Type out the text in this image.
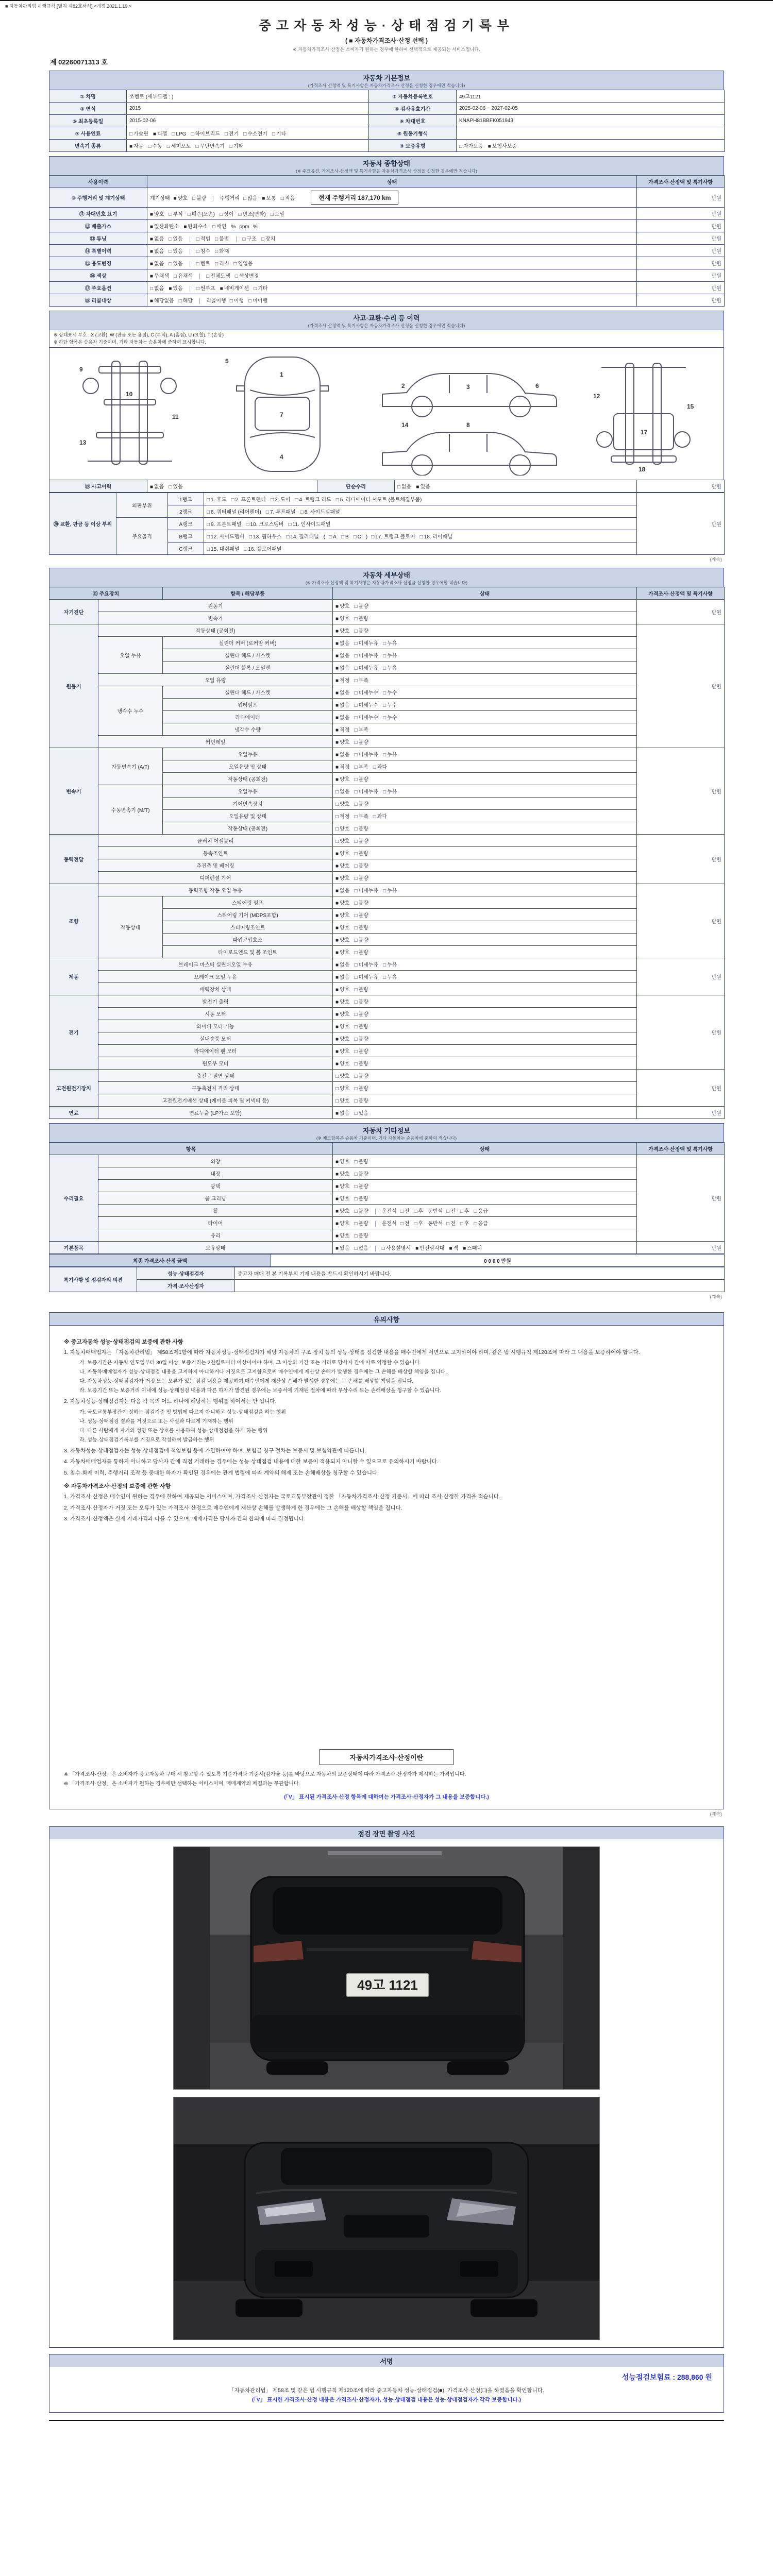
■ 자동차관리법 시행규칙 [별지 제82호서식] <개정 2021.1.19.>
중고자동차성능·상태점검기록부
( ■ 자동차가격조사·산정 선택 )
※ 자동차가격조사·산정은 소비자가 원하는 경우에 한하여 선택적으로 제공되는 서비스입니다.
제 02260071313 호
자동차 기본정보
(가격조사·산정액 및 특기사항은 자동차가격조사·산정을 신청한 경우에만 적습니다)
① 차명	쏘렌토 (세부모델 : )	② 자동차등록번호	49고1121
③ 연식	2015	④ 검사유효기간	2025-02-06 ~ 2027-02-05
⑤ 최초등록일	2015-02-06	⑥ 차대번호	KNAPH81BBFK051943
⑦ 사용연료	□ 가솔린 ■ 디젤 □ LPG □ 하이브리드 □ 전기 □ 수소전기 □ 기타	⑧ 원동기형식	
변속기 종류	■ 자동 □ 수동 □ 세미오토 □ 무단변속기 □ 기타	⑨ 보증유형	□ 자가보증 ■ 보험사보증
자동차 종합상태
(※ 주요옵션, 가격조사·산정액 및 특기사항은 자동차가격조사·산정을 신청한 경우에만 적습니다)
사용이력	상태	가격조사·산정액 및 특기사항
⑩ 주행거리 및 계기상태	계기상태 ■ 양호 □ 불량 주행거리 □ 많음 ■ 보통 □ 적음 현재 주행거리 187,170 km	만원
⑪ 차대번호 표기	■ 양호 □ 부식 □ 훼손(오손) □ 상이 □ 변조(변타) □ 도말	만원
⑫ 배출가스	■ 일산화탄소 ■ 탄화수소 □ 매연%ppm%	만원
⑬ 튜닝	■ 없음 □ 있음 □ 적법 □ 불법 □ 구조 □ 장치	만원
⑭ 특별이력	■ 없음 □ 있음 □ 침수 □ 화재	만원
⑮ 용도변경	■ 없음 □ 있음 □ 렌트 □ 리스 □ 영업용	만원
⑯ 색상	■ 무채색 □ 유채색 □ 전체도색 □ 색상변경	만원
⑰ 주요옵션	□ 없음 ■ 있음 □ 썬루프 ■ 네비게이션 □ 기타	만원
⑱ 리콜대상	■ 해당없음 □ 해당 리콜이행 □ 이행 □ 미이행	만원
사고·교환·수리 등 이력
(가격조사·산정액 및 특기사항은 자동차가격조사·산정을 신청한 경우에만 적습니다)
※ 상태표시 부호 : X (교환), W (판금 또는 용접), C (부식), A (흠집), U (요철), T (손상)
※ 하단 항목은 승용차 기준이며, 기타 자동차는 승용차에 준하여 표시합니다.
9
10
11
13
1
7
4
5
2	3	6
8
14
12
17
18
15
⑲ 사고이력	■ 없음 □ 있음	단순수리	□ 없음 ■ 있음	만원
⑳ 교환, 판금 등 이상 부위	외판부위	1랭크	□ 1. 후드 □ 2. 프론트펜더 □ 3. 도어 □ 4. 트렁크 리드 □ 5. 라디에이터 서포트 (볼트체결부품)	만원
		2랭크	□ 6. 쿼터패널 (리어펜더) □ 7. 루프패널 □ 8. 사이드실패널	
	주요골격	A랭크	□ 9. 프론트패널 □ 10. 크로스멤버 □ 11. 인사이드패널	
		B랭크	□ 12. 사이드멤버 □ 13. 휠하우스 □ 14. 필러패널 ( □ A □ B □ C ) □ 17. 트렁크 플로어 □ 18. 리어패널	
		C랭크	□ 15. 대쉬패널 □ 16. 플로어패널	
(계속)
자동차 세부상태
(※ 가격조사·산정액 및 특기사항은 자동차가격조사·산정을 신청한 경우에만 적습니다)
㉑ 주요장치		항목 / 해당부품	상태	가격조사·산정액 및 특기사항
자기진단	원동기		■ 양호 □ 불량	만원
	변속기		■ 양호 □ 불량	
원동기	작동상태 (공회전)		■ 양호 □ 불량	만원
	오일 누유	실린더 커버 (로커암 커버)	■ 없음 □ 미세누유 □ 누유	
		실린더 헤드 / 가스켓	■ 없음 □ 미세누유 □ 누유	
		실린더 블록 / 오일팬	■ 없음 □ 미세누유 □ 누유	
	오일 유량		■ 적정 □ 부족	
	냉각수 누수	실린더 헤드 / 가스켓	■ 없음 □ 미세누수 □ 누수	
		워터펌프	■ 없음 □ 미세누수 □ 누수	
		라디에이터	■ 없음 □ 미세누수 □ 누수	
		냉각수 수량	■ 적정 □ 부족	
	커먼레일		■ 양호 □ 불량	
변속기	자동변속기 (A/T)	오일누유	■ 없음 □ 미세누유 □ 누유	만원
		오일유량 및 상태	■ 적정 □ 부족 □ 과다	
		작동상태 (공회전)	■ 양호 □ 불량	
	수동변속기 (M/T)	오일누유	□ 없음 □ 미세누유 □ 누유	
		기어변속장치	□ 양호 □ 불량	
		오일유량 및 상태	□ 적정 □ 부족 □ 과다	
		작동상태 (공회전)	□ 양호 □ 불량	
동력전달	클러치 어셈블리		□ 양호 □ 불량	만원
	등속조인트		■ 양호 □ 불량	
	추진축 및 베어링		■ 양호 □ 불량	
	디퍼렌셜 기어		■ 양호 □ 불량	
조향	동력조향 작동 오일 누유		■ 없음 □ 미세누유 □ 누유	만원
	작동상태	스티어링 펌프	■ 양호 □ 불량	
		스티어링 기어 (MDPS포함)	■ 양호 □ 불량	
		스티어링조인트	■ 양호 □ 불량	
		파워고압호스	■ 양호 □ 불량	
		타이로드엔드 및 볼 조인트	■ 양호 □ 불량	
제동	브레이크 마스터 실린더오일 누유		■ 없음 □ 미세누유 □ 누유	만원
	브레이크 오일 누유		■ 없음 □ 미세누유 □ 누유	
	배력장치 상태		■ 양호 □ 불량	
전기	발전기 출력		■ 양호 □ 불량	만원
	시동 모터		■ 양호 □ 불량	
	와이퍼 모터 기능		■ 양호 □ 불량	
	실내송풍 모터		■ 양호 □ 불량	
	라디에이터 팬 모터		■ 양호 □ 불량	
	윈도우 모터		■ 양호 □ 불량	
고전원전기장치	충전구 절연 상태		□ 양호 □ 불량	만원
	구동축전지 격리 상태		□ 양호 □ 불량	
	고전원전기배선 상태 (케이블 피복 및 커넥터 등)		□ 양호 □ 불량	
연료	연료누출 (LP가스 포함)		■ 없음 □ 있음	만원
자동차 기타정보
(※ 체크항목은 승용차 기준이며, 기타 자동차는 승용차에 준하여 적습니다)
항목		상태	가격조사·산정액 및 특기사항
수리필요	외장	■ 양호 □ 불량	만원
	내장	■ 양호 □ 불량	
	광택	■ 양호 □ 불량	
	룸 크리닝	■ 양호 □ 불량	
	휠	■ 양호 □ 불량 운전석 □ 전 □ 후 동반석 □ 전 □ 후 □ 응급	
	타이어	■ 양호 □ 불량 운전석 □ 전 □ 후 동반석 □ 전 □ 후 □ 응급	
	유리	■ 양호 □ 불량	
기본품목	보유상태	■ 있음 □ 없음 □ 사용설명서 ■ 안전삼각대 ■ 잭 ■ 스패너	만원
최종 가격조사·산정 금액	0 0 0 0 만원
특기사항 및 점검자의 의견	성능·상태점검자	중고차 매매 전 본 기록부의 기재 내용을 반드시 확인하시기 바랍니다.
	가격·조사산정자	
(계속)
유의사항
※ 중고자동차 성능·상태점검의 보증에 관한 사항
1. 자동차매매업자는 「자동차관리법」 제58조제1항에 따라 자동차성능·상태점검자가 해당 자동차의 구조·장치 등의 성능·상태를 점검한 내용을 매수인에게 서면으로 고지하여야 하며, 같은 법 시행규칙 제120조에 따라 그 내용을 보증하여야 합니다.
가. 보증기간은 자동차 인도일부터 30일 이상, 보증거리는 2천킬로미터 이상이어야 하며, 그 이상의 기간 또는 거리로 당사자 간에 따로 약정할 수 있습니다.
나. 자동차매매업자가 성능·상태점검 내용을 고지하지 아니하거나 거짓으로 고지함으로써 매수인에게 재산상 손해가 발생한 경우에는 그 손해를 배상할 책임을 집니다.
다. 자동차성능·상태점검자가 거짓 또는 오류가 있는 점검 내용을 제공하여 매수인에게 재산상 손해가 발생한 경우에는 그 손해를 배상할 책임을 집니다.
라. 보증기간 또는 보증거리 이내에 성능·상태점검 내용과 다른 하자가 발견된 경우에는 보증서에 기재된 절차에 따라 무상수리 또는 손해배상을 청구할 수 있습니다.
2. 자동차성능·상태점검자는 다음 각 목의 어느 하나에 해당하는 행위를 하여서는 안 됩니다.
가. 국토교통부장관이 정하는 점검기준 및 방법에 따르지 아니하고 성능·상태점검을 하는 행위
나. 성능·상태점검 결과를 거짓으로 또는 사실과 다르게 기재하는 행위
다. 다른 사람에게 자기의 성명 또는 상호를 사용하여 성능·상태점검을 하게 하는 행위
라. 성능·상태점검기록부를 거짓으로 작성하여 발급하는 행위
3. 자동차성능·상태점검자는 성능·상태점검에 책임보험 등에 가입하여야 하며, 보험금 청구 절차는 보증서 및 보험약관에 따릅니다.
4. 자동차매매업자를 통하지 아니하고 당사자 간에 직접 거래하는 경우에는 성능·상태점검 내용에 대한 보증이 적용되지 아니할 수 있으므로 유의하시기 바랍니다.
5. 침수·화재 이력, 주행거리 조작 등 중대한 하자가 확인된 경우에는 관계 법령에 따라 계약의 해제 또는 손해배상을 청구할 수 있습니다.
※ 자동차가격조사·산정의 보증에 관한 사항
1. 가격조사·산정은 매수인이 원하는 경우에 한하여 제공되는 서비스이며, 가격조사·산정자는 국토교통부장관이 정한 「자동차가격조사·산정 기준서」에 따라 조사·산정한 가격을 적습니다.
2. 가격조사·산정자가 거짓 또는 오류가 있는 가격조사·산정으로 매수인에게 재산상 손해를 발생하게 한 경우에는 그 손해를 배상할 책임을 집니다.
3. 가격조사·산정액은 실제 거래가격과 다를 수 있으며, 매매가격은 당사자 간의 합의에 따라 결정됩니다.
자동차가격조사·산정이란
※ 「가격조사·산정」은 소비자가 중고자동차 구매 시 참고할 수 있도록 기준가격과 기준서(감가율 등)를 바탕으로 자동차의 보존상태에 따라 가격조사·산정자가 제시하는 가격입니다.
※ 「가격조사·산정」은 소비자가 원하는 경우에만 선택하는 서비스이며, 매매계약의 체결과는 무관합니다.
(「V」 표시된 가격조사·산정 항목에 대하여는 가격조사·산정자가 그 내용을 보증합니다.)
(계속)
점검 장면 촬영 사진
49고 1121
서명
성능점검보험료 : 288,860 원
「자동차관리법」 제58조 및 같은 법 시행규칙 제120조에 따라 중고자동차 성능·상태점검(■), 가격조사·산정(□)을 하였음을 확인합니다.
(「V」 표시한 가격조사·산정 내용은 가격조사·산정자가, 성능·상태점검 내용은 성능·상태점검자가 각각 보증합니다.)
